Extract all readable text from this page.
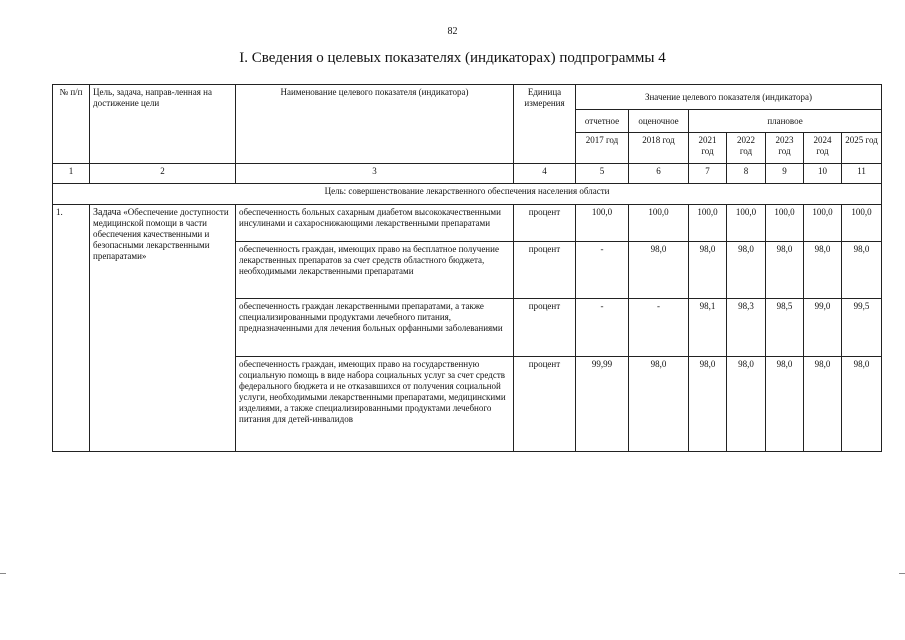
82
I. Сведения о целевых показателях (индикаторах) подпрограммы 4
№ п/п	Цель, задача, направ-ленная на достижение цели	Наименование целевого показателя (индикатора)	Единица измерения	Значение целевого показателя (индикатора)						
				отчетное	оценочное	плановое				
				2017 год	2018 год	2021 год	2022 год	2023 год	2024 год	2025 год
1	2	3	4	5	6	7	8	9	10	11
Цель: совершенствование лекарственного обеспечения населения области										
1.	Задача «Обеспечение доступности медицинской помощи в части обеспечения качественными и безопасными лекарственными препаратами»	обеспеченность больных сахарным диабетом высококачественными инсулинами и сахароснижающими лекарственными препаратами	процент	100,0	100,0	100,0	100,0	100,0	100,0	100,0
		обеспеченность граждан, имеющих право на бесплатное получение лекарственных препаратов за счет средств областного бюджета, необходимыми лекарственными препаратами	процент	-	98,0	98,0	98,0	98,0	98,0	98,0
		обеспеченность граждан лекарственными препаратами, а также специализированными продуктами лечебного питания, предназначенными для лечения больных орфанными заболеваниями	процент	-	-	98,1	98,3	98,5	99,0	99,5
		обеспеченность граждан, имеющих право на государственную социальную помощь в виде набора социальных услуг за счет средств федерального бюджета и не отказавшихся от получения социальной услуги, необходимыми лекарственными препаратами, медицинскими изделиями, а также специализированными продуктами лечебного питания для детей-инвалидов	процент	99,99	98,0	98,0	98,0	98,0	98,0	98,0
